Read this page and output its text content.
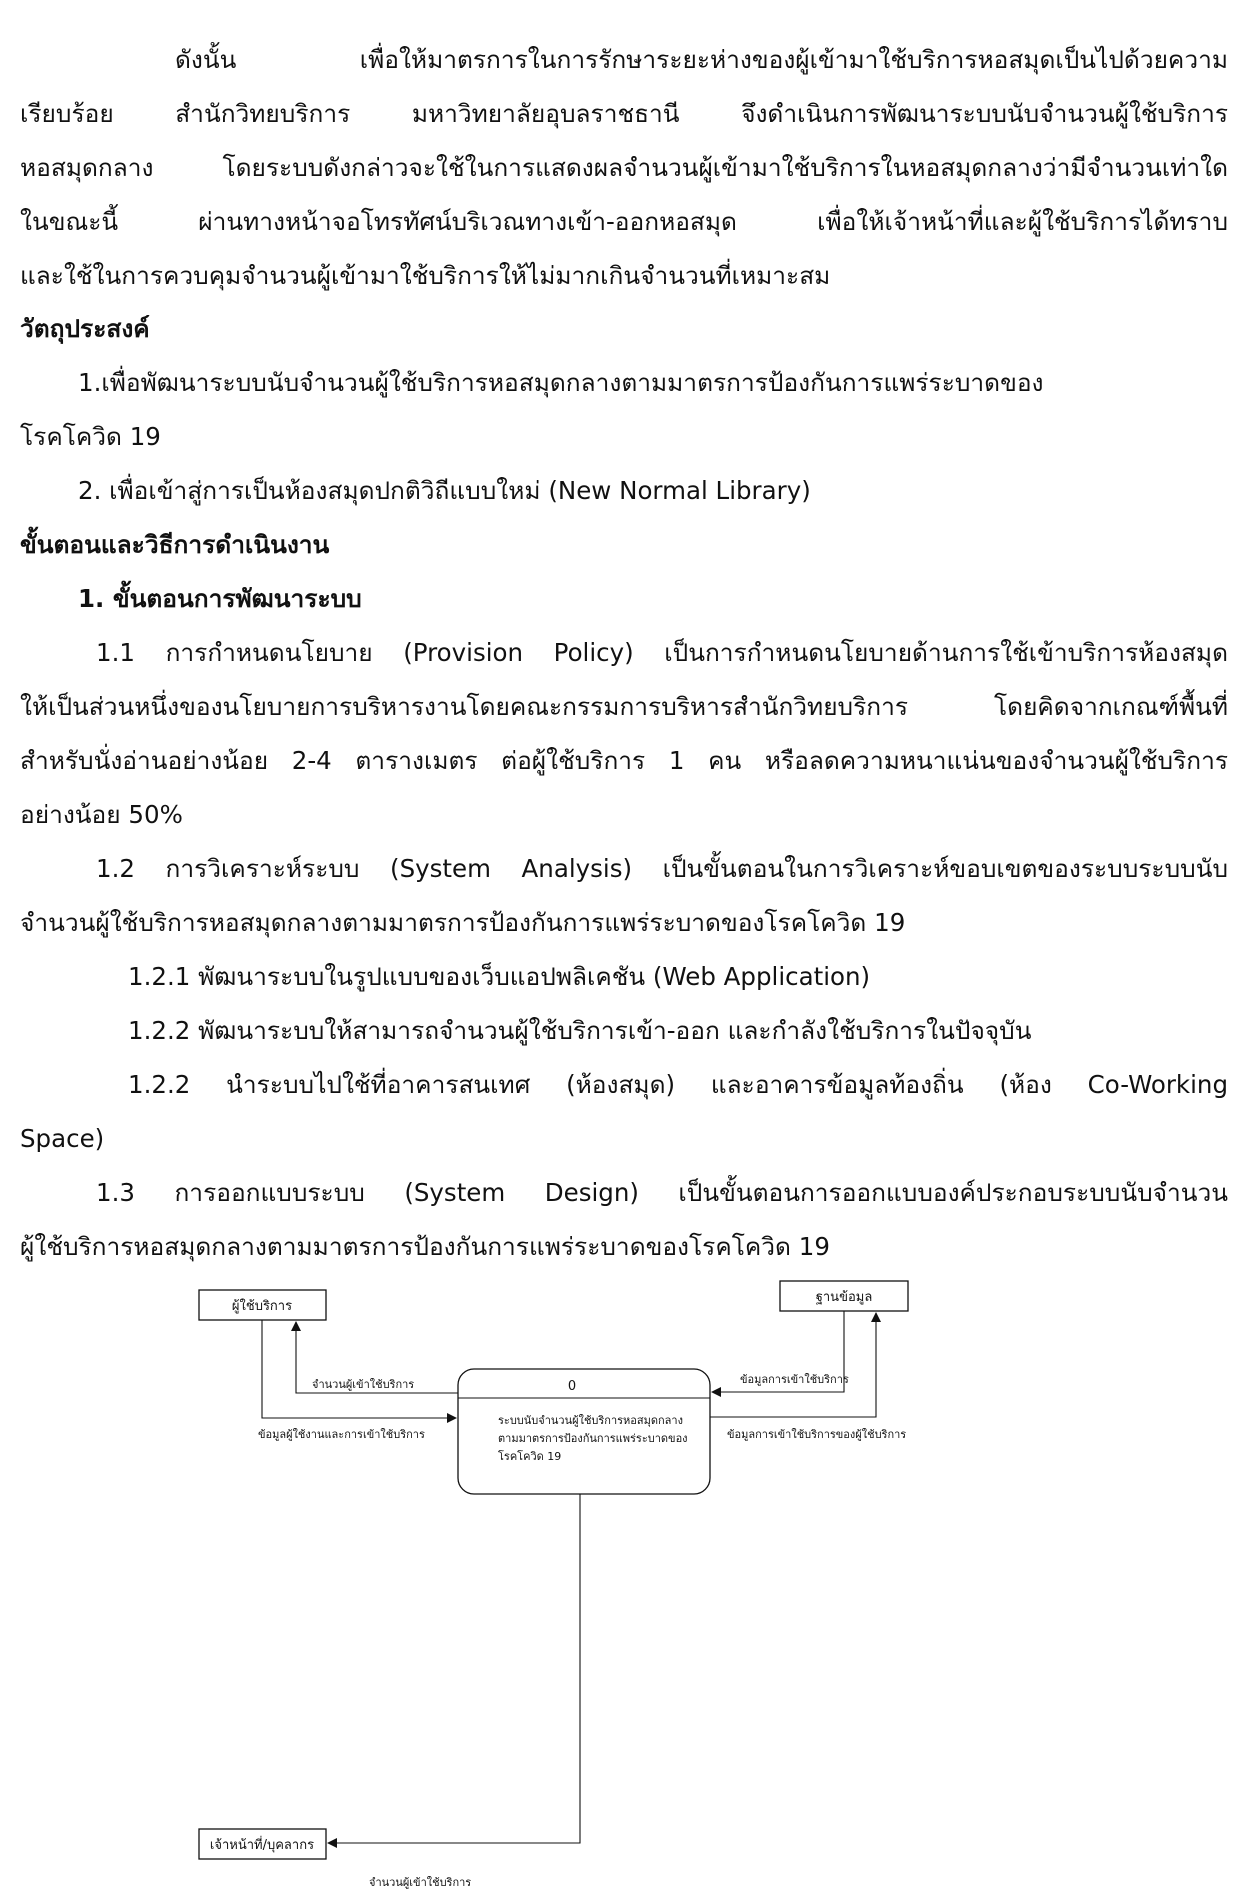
ดังนั้น เพื่อให้มาตรการในการรักษาระยะห่างของผู้เข้ามาใช้บริการหอสมุดเป็นไปด้วยความ
เรียบร้อย สำนักวิทยบริการ มหาวิทยาลัยอุบลราชธานี จึงดำเนินการพัฒนาระบบนับจำนวนผู้ใช้บริการ
หอสมุดกลาง โดยระบบดังกล่าวจะใช้ในการแสดงผลจำนวนผู้เข้ามาใช้บริการในหอสมุดกลางว่ามีจำนวนเท่าใด
ในขณะนี้ ผ่านทางหน้าจอโทรทัศน์บริเวณทางเข้า-ออกหอสมุด เพื่อให้เจ้าหน้าที่และผู้ใช้บริการได้ทราบ
และใช้ในการควบคุมจำนวนผู้เข้ามาใช้บริการให้ไม่มากเกินจำนวนที่เหมาะสม
วัตถุประสงค์
1.เพื่อพัฒนาระบบนับจำนวนผู้ใช้บริการหอสมุดกลางตามมาตรการป้องกันการแพร่ระบาดของ
โรคโควิด 19
2. เพื่อเข้าสู่การเป็นห้องสมุดปกติวิถีแบบใหม่ (New Normal Library)
ขั้นตอนและวิธีการดำเนินงาน
1. ขั้นตอนการพัฒนาระบบ
1.1 การกำหนดนโยบาย (Provision Policy) เป็นการกำหนดนโยบายด้านการใช้เข้าบริการห้องสมุด
ให้เป็นส่วนหนึ่งของนโยบายการบริหารงานโดยคณะกรรมการบริหารสำนักวิทยบริการ โดยคิดจากเกณฑ์พื้นที่
สำหรับนั่งอ่านอย่างน้อย 2-4 ตารางเมตร ต่อผู้ใช้บริการ 1 คน หรือลดความหนาแน่นของจำนวนผู้ใช้บริการ
อย่างน้อย 50%
1.2 การวิเคราะห์ระบบ (System Analysis) เป็นขั้นตอนในการวิเคราะห์ขอบเขตของระบบระบบนับ
จำนวนผู้ใช้บริการหอสมุดกลางตามมาตรการป้องกันการแพร่ระบาดของโรคโควิด 19
1.2.1 พัฒนาระบบในรูปแบบของเว็บแอปพลิเคชัน (Web Application)
1.2.2 พัฒนาระบบให้สามารถจำนวนผู้ใช้บริการเข้า-ออก และกำลังใช้บริการในปัจจุบัน
1.2.2 นำระบบไปใช้ที่อาคารสนเทศ (ห้องสมุด) และอาคารข้อมูลท้องถิ่น (ห้อง Co-Working
Space)
1.3 การออกแบบระบบ (System Design) เป็นขั้นตอนการออกแบบองค์ประกอบระบบนับจำนวน
ผู้ใช้บริการหอสมุดกลางตามมาตรการป้องกันการแพร่ระบาดของโรคโควิด 19
ผู้ใช้บริการ
ฐานข้อมูล
เจ้าหน้าที่/บุคลากร
0
ระบบนับจำนวนผู้ใช้บริการหอสมุดกลาง
ตามมาตรการป้องกันการแพร่ระบาดของ
โรคโควิด 19
จำนวนผู้เข้าใช้บริการ
ข้อมูลผู้ใช้งานและการเข้าใช้บริการ
ข้อมูลการเข้าใช้บริการ
ข้อมูลการเข้าใช้บริการของผู้ใช้บริการ
จำนวนผู้เข้าใช้บริการ
